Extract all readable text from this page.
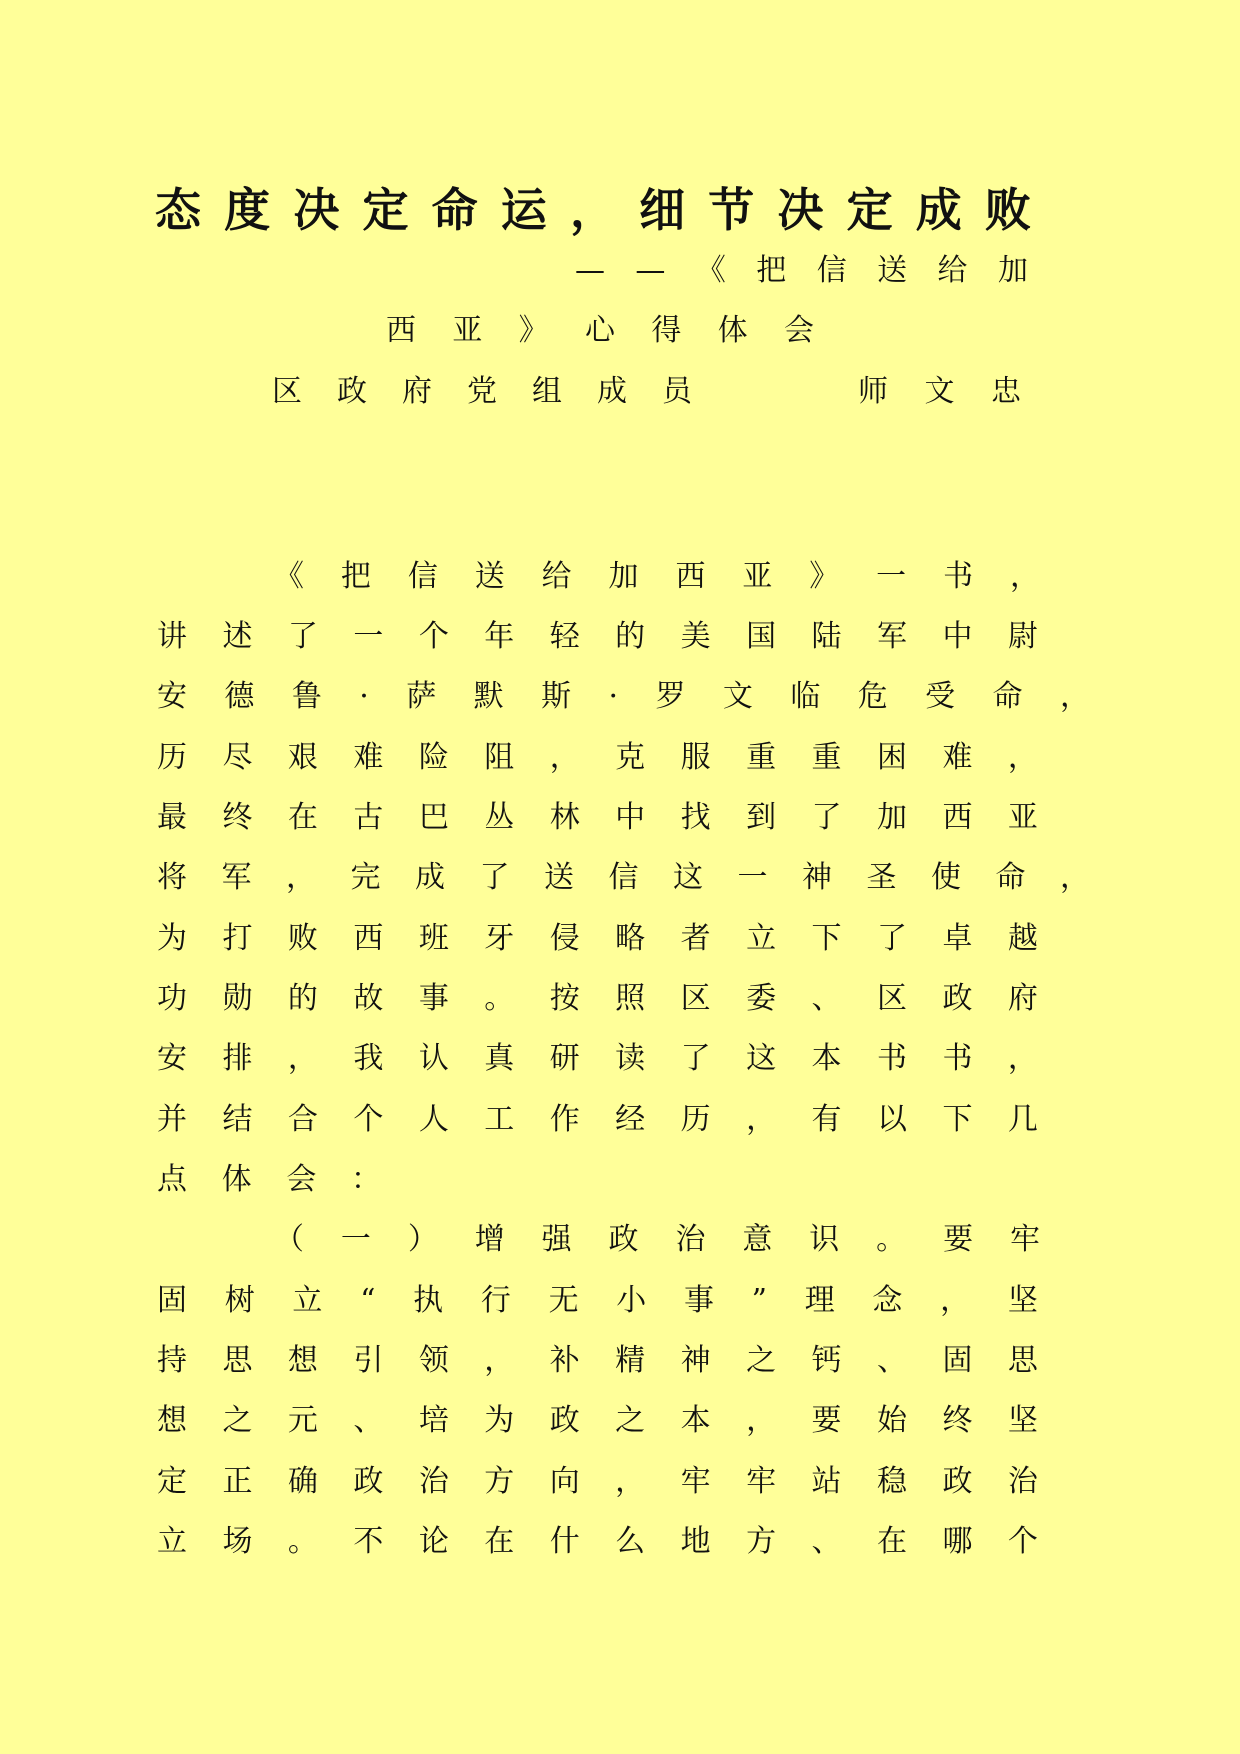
态 度 决 定 命 运 ， 细 节 决 定 成 败
— — 《 把 信 送 给 加
西 亚 》 心 得 体 会
区 政 府 党 组 成 员	师 文 忠
《 把 信 送 给 加 西 亚 》 一 书 ，
讲 述 了 一 个 年 轻 的 美 国 陆 军 中 尉
安 德 鲁 · 萨 默 斯 · 罗 文 临 危 受 命 ，
历 尽 艰 难 险 阻 ， 克 服 重 重 困 难 ，
最 终 在 古 巴 丛 林 中 找 到 了 加 西 亚
将 军 ， 完 成 了 送 信 这 一 神 圣 使 命 ，
为 打 败 西 班 牙 侵 略 者 立 下 了 卓 越
功 勋 的 故 事 。 按 照 区 委 、 区 政 府
安 排 ， 我 认 真 研 读 了 这 本 书 书 ，
并 结 合 个 人 工 作 经 历 ， 有 以 下 几
点 体 会 ：
（ 一 ） 增 强 政 治 意 识 。 要 牢
固 树 立 “ 执 行 无 小 事 ” 理 念 ， 坚
持 思 想 引 领 ， 补 精 神 之 钙 、 固 思
想 之 元 、 培 为 政 之 本 ， 要 始 终 坚
定 正 确 政 治 方 向 ， 牢 牢 站 稳 政 治
立 场 。 不 论 在 什 么 地 方 、 在 哪 个
